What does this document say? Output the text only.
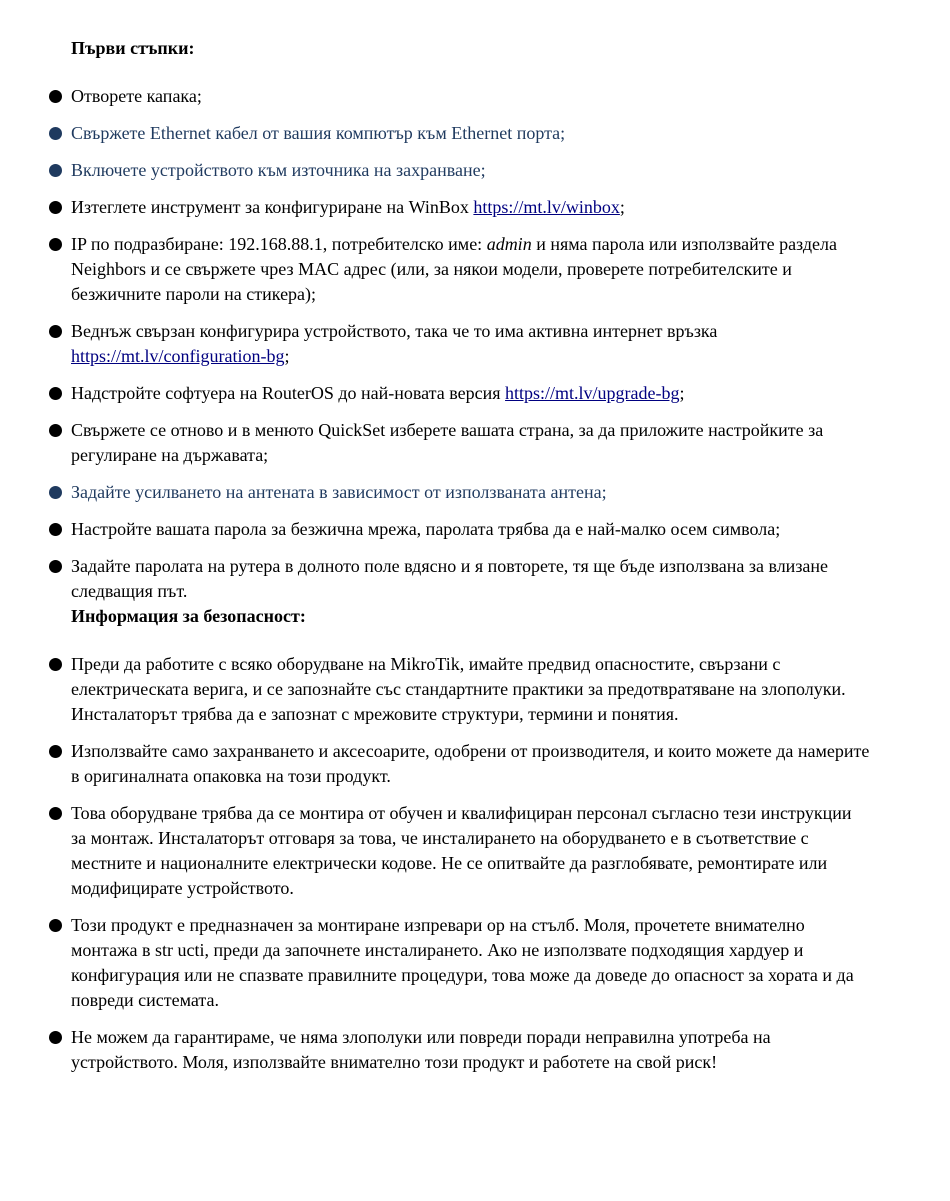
Първи стъпки:
Отворете капака;
Свържете Ethernet кабел от вашия компютър към Ethernet порта;
Включете устройството към източника на захранване;
Изтеглете инструмент за конфигуриране на WinBox https://mt.lv/winbox;
IP по подразбиране: 192.168.88.1, потребителско име: admin и няма парола или използвайте раздела Neighbors и се свържете чрез MAC адрес (или, за някои модели, проверете потребителските и безжичните пароли на стикера);
Веднъж свързан конфигурира устройството, така че то има активна интернет връзка https://mt.lv/configuration-bg;
Надстройте софтуера на RouterOS до най-новата версия https://mt.lv/upgrade-bg;
Свържете се отново и в менюто QuickSet изберете вашата страна, за да приложите настройките за регулиране на държавата;
Задайте усилването на антената в зависимост от използваната антена;
Настройте вашата парола за безжична мрежа, паролата трябва да е най-малко осем символа;
Задайте паролата на рутера в долното поле вдясно и я повторете, тя ще бъде използвана за влизане следващия път.
Информация за безопасност:
Преди да работите с всяко оборудване на MikroTik, имайте предвид опасностите, свързани с електрическата верига, и се запознайте със стандартните практики за предотвратяване на злополуки. Инсталаторът трябва да е запознат с мрежовите структури, термини и понятия.
Използвайте само захранването и аксесоарите, одобрени от производителя, и които можете да намерите в оригиналната опаковка на този продукт.
Това оборудване трябва да се монтира от обучен и квалифициран персонал съгласно тези инструкции за монтаж. Инсталаторът отговаря за това, че инсталирането на оборудването е в съответствие с местните и националните електрически кодове. Не се опитвайте да разглобявате, ремонтирате или модифицирате устройството.
Този продукт е предназначен за монтиране изпревари ор на стълб. Моля, прочетете внимателно монтажа в str ucti, преди да започнете инсталирането. Ако не използвате подходящия хардуер и конфигурация или не спазвате правилните процедури, това може да доведе до опасност за хората и да повреди системата.
Не можем да гарантираме, че няма злополуки или повреди поради неправилна употреба на устройството. Моля, използвайте внимателно този продукт и работете на свой риск!
